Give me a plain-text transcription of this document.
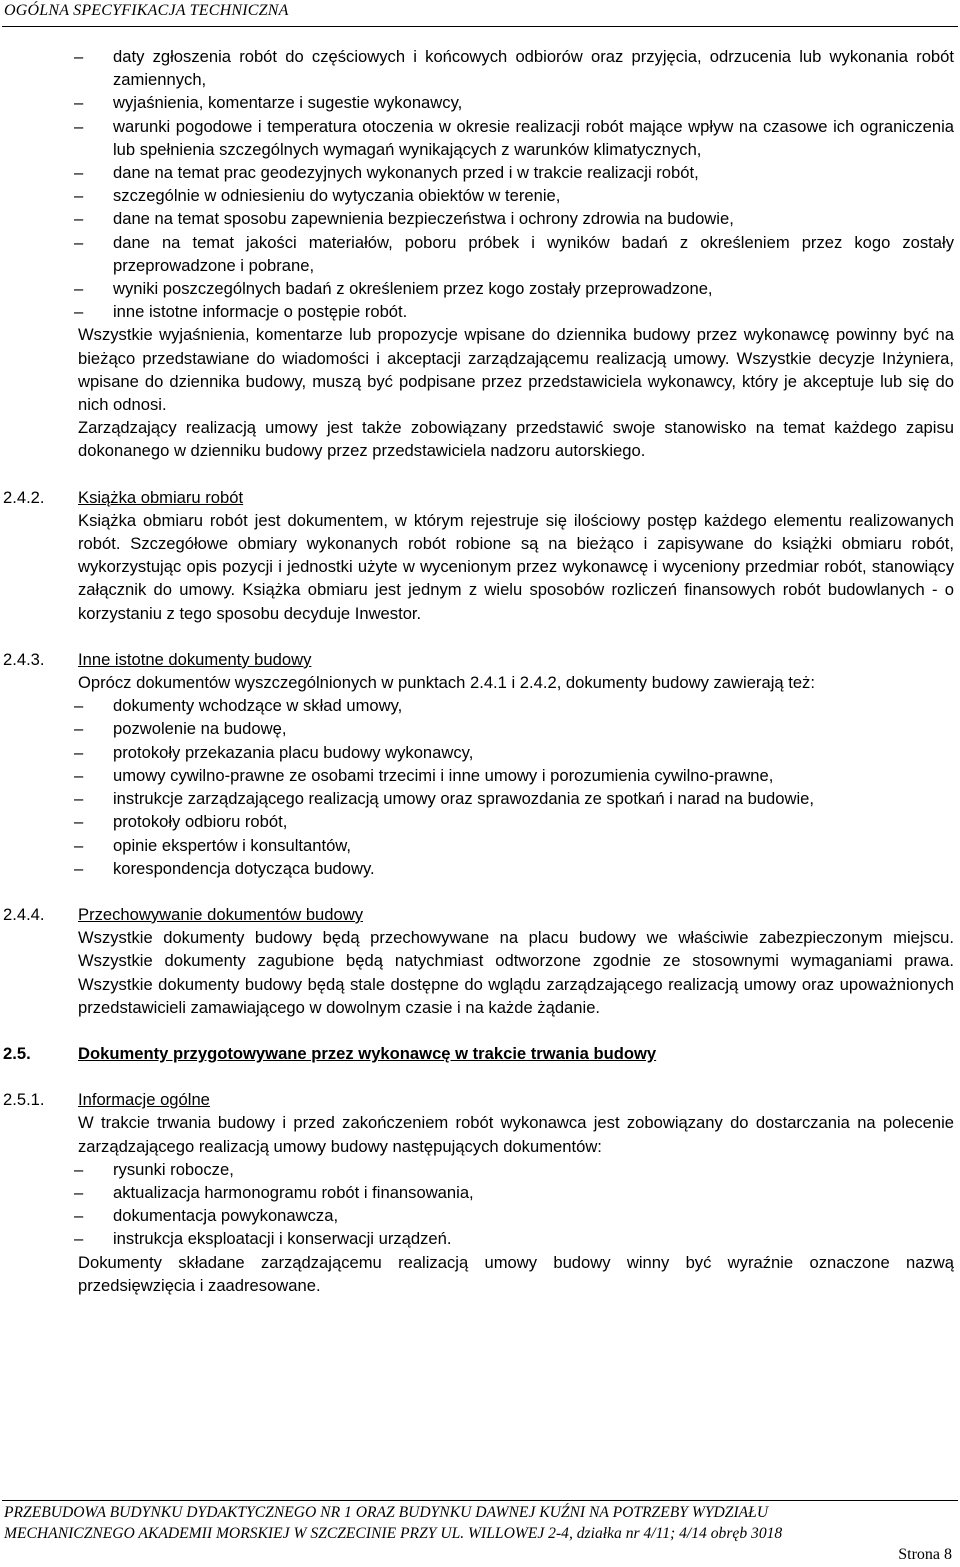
OGÓLNA SPECYFIKACJA TECHNICZNA
– daty zgłoszenia robót do częściowych i końcowych odbiorów oraz przyjęcia, odrzucenia lub wykonania robót zamiennych,
– wyjaśnienia, komentarze i sugestie wykonawcy,
– warunki pogodowe i temperatura otoczenia w okresie realizacji robót mające wpływ na czasowe ich ograniczenia lub spełnienia szczególnych wymagań wynikających z warunków klimatycznych,
– dane na temat prac geodezyjnych wykonanych przed i w trakcie realizacji robót,
– szczególnie w odniesieniu do wytyczania obiektów w terenie,
– dane na temat sposobu zapewnienia bezpieczeństwa i ochrony zdrowia na budowie,
– dane na temat jakości materiałów, poboru próbek i wyników badań z określeniem przez kogo zostały przeprowadzone i pobrane,
– wyniki poszczególnych badań z określeniem przez kogo zostały przeprowadzone,
– inne istotne informacje o postępie robót.

Wszystkie wyjaśnienia, komentarze lub propozycje wpisane do dziennika budowy przez wykonawcę powinny być na bieżąco przedstawiane do wiadomości i akceptacji zarządzającemu realizacją umowy. Wszystkie decyzje Inżyniera, wpisane do dziennika budowy, muszą być podpisane przez przedstawiciela wykonawcy, który je akceptuje lub się do nich odnosi.

Zarządzający realizacją umowy jest także zobowiązany przedstawić swoje stanowisko na temat każdego zapisu dokonanego w dzienniku budowy przez przedstawiciela nadzoru autorskiego.

2.4.2. Książka obmiaru robót

Książka obmiaru robót jest dokumentem, w którym rejestruje się ilościowy postęp każdego elementu realizowanych robót. Szczegółowe obmiary wykonanych robót robione są na bieżąco i zapisywane do książki obmiaru robót, wykorzystując opis pozycji i jednostki użyte w wycenionym przez wykonawcę i wyceniony przedmiar robót, stanowiący załącznik do umowy. Książka obmiaru jest jednym z wielu sposobów rozliczeń finansowych robót budowlanych - o korzystaniu z tego sposobu decyduje Inwestor.

2.4.3. Inne istotne dokumenty budowy

Oprócz dokumentów wyszczególnionych w punktach 2.4.1 i 2.4.2, dokumenty budowy zawierają też:

– dokumenty wchodzące w skład umowy,
– pozwolenie na budowę,
– protokoły przekazania placu budowy wykonawcy,
– umowy cywilno-prawne ze osobami trzecimi i inne umowy i porozumienia cywilno-prawne,
– instrukcje zarządzającego realizacją umowy oraz sprawozdania ze spotkań i narad na budowie,
– protokoły odbioru robót,
– opinie ekspertów i konsultantów,
– korespondencja dotycząca budowy.
2.4.4. Przechowywanie dokumentów budowy

Wszystkie dokumenty budowy będą przechowywane na placu budowy we właściwie zabezpieczonym miejscu. Wszystkie dokumenty zagubione będą natychmiast odtworzone zgodnie ze stosownymi wymaganiami prawa. Wszystkie dokumenty budowy będą stale dostępne do wglądu zarządzającego realizacją umowy oraz upoważnionych przedstawicieli zamawiającego w dowolnym czasie i na każde żądanie.

2.5.	Dokumenty przygotowywane przez wykonawcę w trakcie trwania budowy
2.5.1. Informacje ogólne

W trakcie trwania budowy i przed zakończeniem robót wykonawca jest zobowiązany do dostarczania na polecenie zarządzającego realizacją umowy budowy następujących dokumentów:

– rysunki robocze,
– aktualizacja harmonogramu robót i finansowania,
– dokumentacja powykonawcza,
– instrukcja eksploatacji i konserwacji urządzeń.

Dokumenty składane zarządzającemu realizacją umowy budowy winny być wyraźnie oznaczone nazwą przedsięwzięcia i zaadresowane.

PRZEBUDOWA BUDYNKU DYDAKTYCZNEGO NR 1 ORAZ BUDYNKU DAWNEJ KUŹNI NA POTRZEBY WYDZIAŁU
MECHANICZNEGO AKADEMII MORSKIEJ W SZCZECINIE PRZY UL. WILLOWEJ 2-4, działka nr 4/11; 4/14 obręb 3018
Strona 8
